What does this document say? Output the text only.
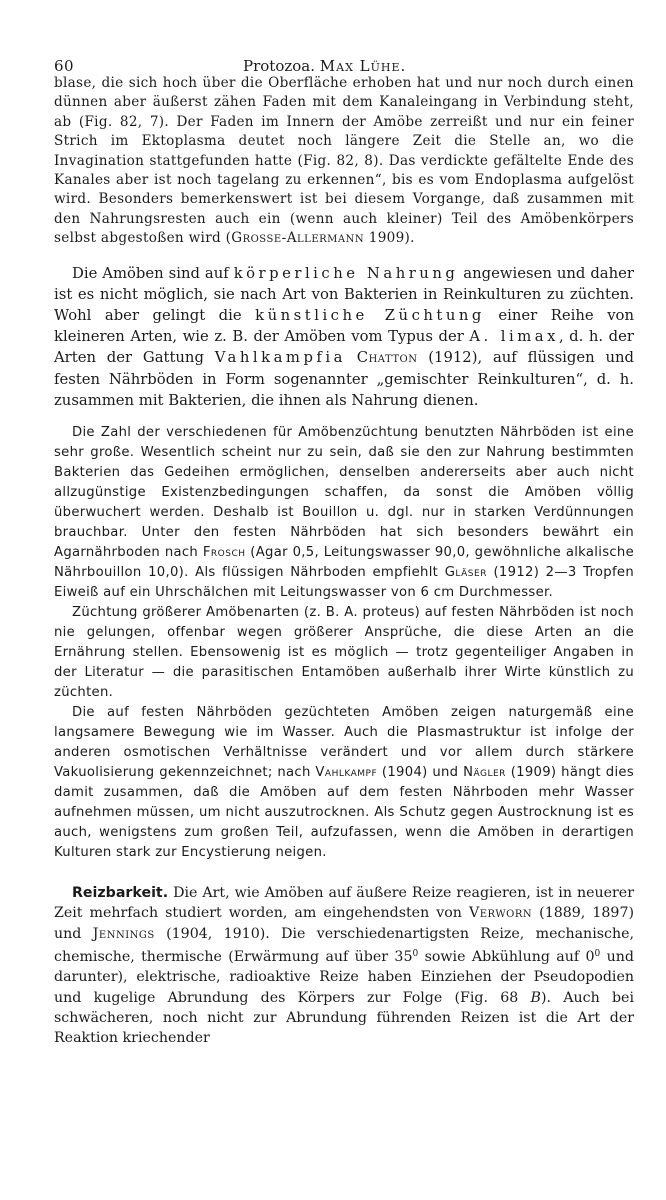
60	Protozoa. Max Lühe.

blase, die sich hoch über die Oberfläche erhoben hat und nur noch durch einen dünnen aber äußerst zähen Faden mit dem Kanaleingang in Verbindung steht, ab (Fig. 82, 7). Der Faden im Innern der Amöbe zerreißt und nur ein feiner Strich im Ektoplasma deutet noch längere Zeit die Stelle an, wo die Invagination stattgefunden hatte (Fig. 82, 8). Das verdickte gefältelte Ende des Kanales aber ist noch tagelang zu erkennen“, bis es vom Endoplasma aufgelöst wird. Besonders bemerkenswert ist bei diesem Vorgange, daß zusammen mit den Nahrungsresten auch ein (wenn auch kleiner) Teil des Amöbenkörpers selbst abgestoßen wird (Grosse-Allermann 1909).

Die Amöben sind auf körperliche Nahrung angewiesen und daher ist es nicht möglich, sie nach Art von Bakterien in Reinkulturen zu züchten. Wohl aber gelingt die künstliche Züchtung einer Reihe von kleineren Arten, wie z. B. der Amöben vom Typus der A. limax, d. h. der Arten der Gattung Vahlkampfia Chatton (1912), auf flüssigen und festen Nährböden in Form sogenannter „gemischter Reinkulturen“, d. h. zusammen mit Bakterien, die ihnen als Nahrung dienen.

Die Zahl der verschiedenen für Amöbenzüchtung benutzten Nährböden ist eine sehr große. Wesentlich scheint nur zu sein, daß sie den zur Nahrung bestimmten Bakterien das Gedeihen ermöglichen, denselben andererseits aber auch nicht allzugünstige Existenzbedingungen schaffen, da sonst die Amöben völlig überwuchert werden. Deshalb ist Bouillon u. dgl. nur in starken Verdünnungen brauchbar. Unter den festen Nährböden hat sich besonders bewährt ein Agarnährboden nach Frosch (Agar 0,5, Leitungswasser 90,0, gewöhnliche alkalische Nährbouillon 10,0). Als flüssigen Nährboden empfiehlt Gläser (1912) 2—3 Tropfen Eiweiß auf ein Uhrschälchen mit Leitungswasser von 6 cm Durchmesser.

Züchtung größerer Amöbenarten (z. B. A. proteus) auf festen Nährböden ist noch nie gelungen, offenbar wegen größerer Ansprüche, die diese Arten an die Ernährung stellen. Ebensowenig ist es möglich — trotz gegenteiliger Angaben in der Literatur — die parasitischen Entamöben außerhalb ihrer Wirte künstlich zu züchten.

Die auf festen Nährböden gezüchteten Amöben zeigen naturgemäß eine langsamere Bewegung wie im Wasser. Auch die Plasmastruktur ist infolge der anderen osmotischen Verhältnisse verändert und vor allem durch stärkere Vakuolisierung gekennzeichnet; nach Vahlkampf (1904) und Nägler (1909) hängt dies damit zusammen, daß die Amöben auf dem festen Nährboden mehr Wasser aufnehmen müssen, um nicht auszutrocknen. Als Schutz gegen Austrocknung ist es auch, wenigstens zum großen Teil, aufzufassen, wenn die Amöben in derartigen Kulturen stark zur Encystierung neigen.

Reizbarkeit. Die Art, wie Amöben auf äußere Reize reagieren, ist in neuerer Zeit mehrfach studiert worden, am eingehendsten von Verworn (1889, 1897) und Jennings (1904, 1910). Die verschiedenartigsten Reize, mechanische, chemische, thermische (Erwärmung auf über $35^0$ sowie Abkühlung auf $0^0$ und darunter), elektrische, radioaktive Reize haben Einziehen der Pseudopodien und kugelige Abrundung des Körpers zur Folge (Fig. 68 B). Auch bei schwächeren, noch nicht zur Abrundung führenden Reizen ist die Art der Reaktion kriechender
